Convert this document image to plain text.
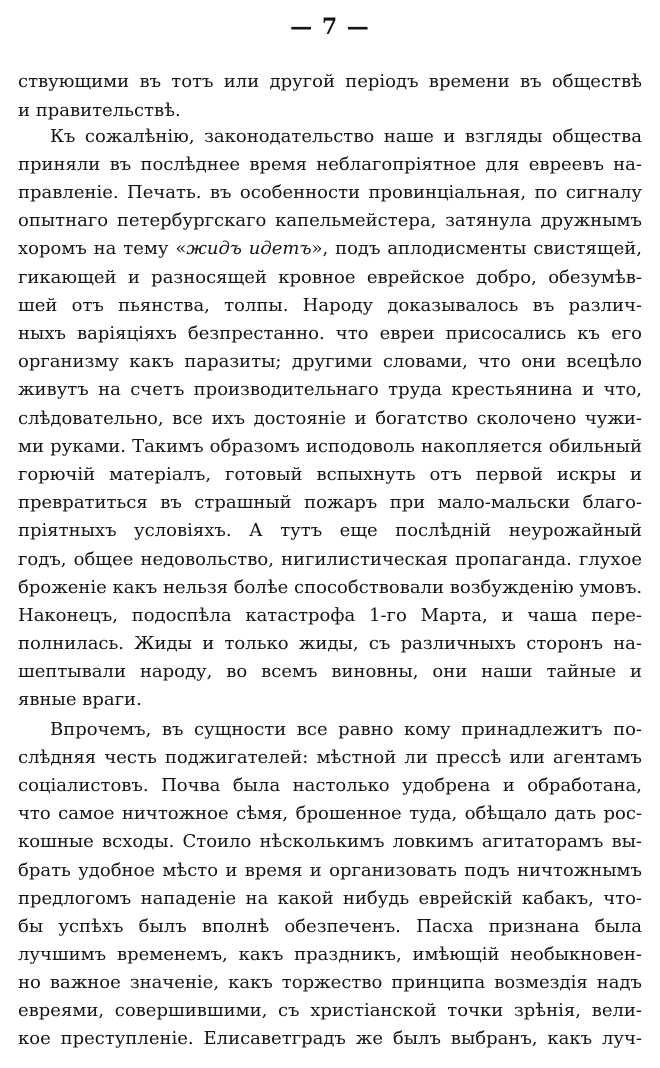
— 7 —
ствующими въ тотъ или другой періодъ времени въ обществѣ
и правительствѣ.
Къ сожалѣнію, законодательство наше и взгляды общества
приняли въ послѣднее время неблагопріятное для евреевъ на-
правленіе. Печать. въ особенности провинціальная, по сигналу
опытнаго петербургскаго капельмейстера, затянула дружнымъ
хоромъ на тему «жидъ идетъ», подъ аплодисменты свистящей,
гикающей и разносящей кровное еврейское добро, обезумѣв-
шей отъ пьянства, толпы. Народу доказывалось въ различ-
ныхъ варіяціяхъ безпрестанно. что евреи присосались къ его
организму какъ паразиты; другими словами, что они всецѣло
живутъ на счетъ производительнаго труда крестьянина и что,
слѣдовательно, все ихъ достояніе и богатство сколочено чужи-
ми руками. Такимъ образомъ исподоволь накопляется обильный
горючій матеріалъ, готовый вспыхнуть отъ первой искры и
превратиться въ страшный пожаръ при мало-мальски благо-
пріятныхъ условіяхъ. А тутъ еще послѣдній неурожайный
годъ, общее недовольство, нигилистическая пропаганда. глухое
броженіе какъ нельзя болѣе способствовали возбужденію умовъ.
Наконецъ, подоспѣла катастрофа 1-го Марта, и чаша пере-
полнилась. Жиды и только жиды, съ различныхъ сторонъ на-
шептывали народу, во всемъ виновны, они наши тайные и
явные враги.
Впрочемъ, въ сущности все равно кому принадлежитъ по-
слѣдняя честь поджигателей: мѣстной ли прессѣ или агентамъ
соціалистовъ. Почва была настолько удобрена и обработана,
что самое ничтожное сѣмя, брошенное туда, обѣщало дать рос-
кошные всходы. Стоило нѣсколькимъ ловкимъ агитаторамъ вы-
брать удобное мѣсто и время и организовать подъ ничтожнымъ
предлогомъ нападеніе на какой нибудь еврейскій кабакъ, чтo-
бы успѣхъ былъ вполнѣ обезпеченъ. Пасха признана была
лучшимъ временемъ, какъ праздникъ, имѣющій необыкновен-
но важное значеніе, какъ торжество принципа возмездія надъ
евреями, совершившими, съ христіанской точки зрѣнія, вели-
кое преступленіе. Елисаветградъ же былъ выбранъ, какъ луч-
